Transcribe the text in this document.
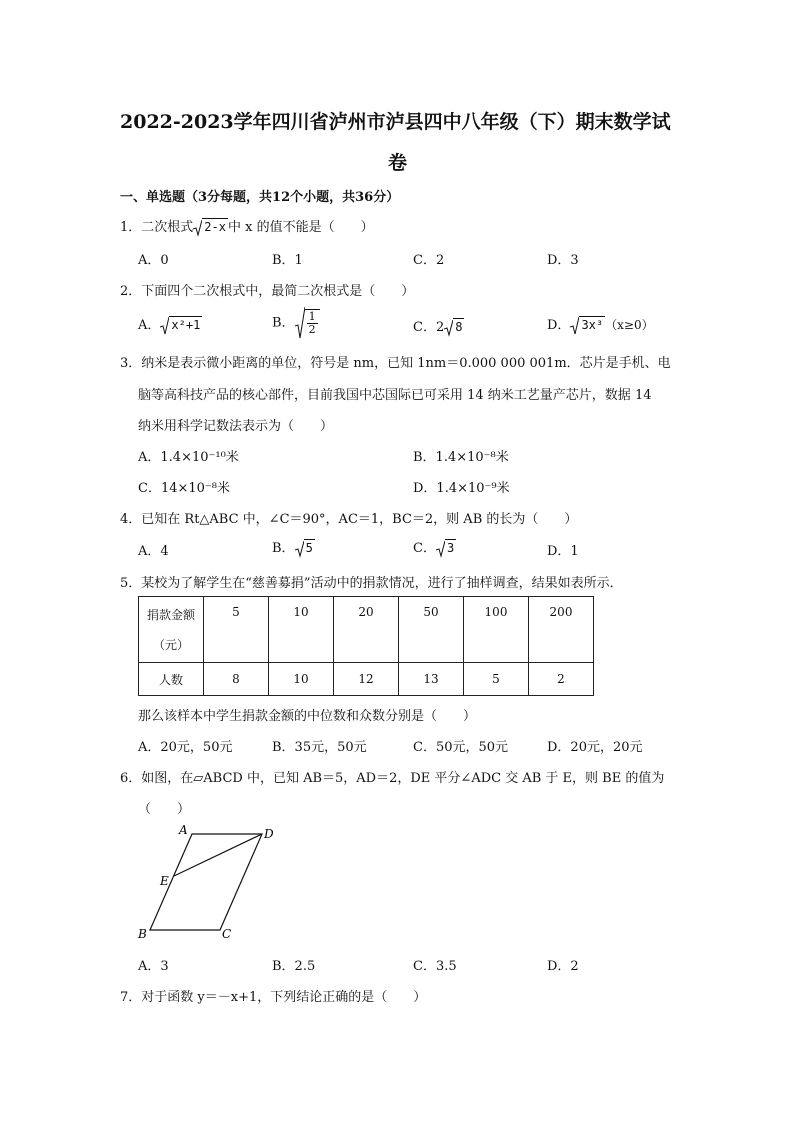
2022-2023学年四川省泸州市泸县四中八年级（下）期末数学试
卷
一、单选题（3分每题，共12个小题，共36分）
1．二次根式 2-x 中 x 的值不能是（　　）
A．0	B．1	C．2	D．3
2．下面四个二次根式中，最简二次根式是（　　）
A． x²+1	B． $\frac{1}{2}$	C．2 8	D． 3x³ （x≥0）
3．纳米是表示微小距离的单位，符号是 nm，已知 1nm＝0.000 000 001m．芯片是手机、电
脑等高科技产品的核心部件，目前我国中芯国际已可采用 14 纳米工艺量产芯片，数据 14
纳米用科学记数法表示为（　　）
A．1.4×10⁻¹⁰米	B．1.4×10⁻⁸米
C．14×10⁻⁸米	D．1.4×10⁻⁹米
4．已知在 Rt△ABC 中，∠C＝90°，AC＝1，BC＝2，则 AB 的长为（　　）
A．4	B． 5	C． 3	D．1
5．某校为了解学生在“慈善募捐”活动中的捐款情况，进行了抽样调查，结果如表所示．
捐款金额
（元）	5	10	20	50	100	200
人数	8	10	12	13	5	2
那么该样本中学生捐款金额的中位数和众数分别是（　　）
A．20元，50元	B．35元，50元	C．50元，50元	D．20元，20元
6．如图，在▱ABCD 中，已知 AB＝5，AD＝2，DE 平分∠ADC 交 AB 于 E，则 BE 的值为
（　　）
A	D
E
B	C
A．3	B．2.5	C．3.5	D．2
7．对于函数 y＝－x+1，下列结论正确的是（　　）
